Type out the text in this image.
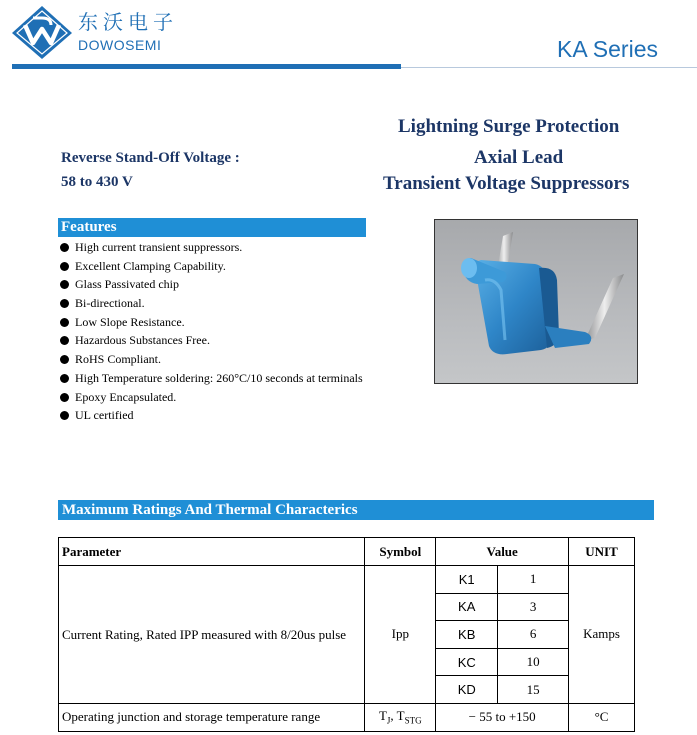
东沃电子
DOWOSEMI	KA Series
Lightning Surge Protection
Axial Lead
Transient Voltage Suppressors
Reverse Stand-Off Voltage :
58 to 430 V
Features
High current transient suppressors.
Excellent Clamping Capability.
Glass Passivated chip
Bi-directional.
Low Slope Resistance.
Hazardous Substances Free.
RoHS Compliant.
High Temperature soldering: 260°C/10 seconds at terminals
Epoxy Encapsulated.
UL certified
Maximum Ratings And Thermal Characterics
Parameter	Symbol	Value		UNIT
Current Rating, Rated IPP measured with 8/20us pulse	Ipp	K1	1	Kamps
		KA	3	
		KB	6	
		KC	10	
		KD	15	
Operating junction and storage temperature range	$T_J$, $T_{STG}$	− 55 to +150		°C
